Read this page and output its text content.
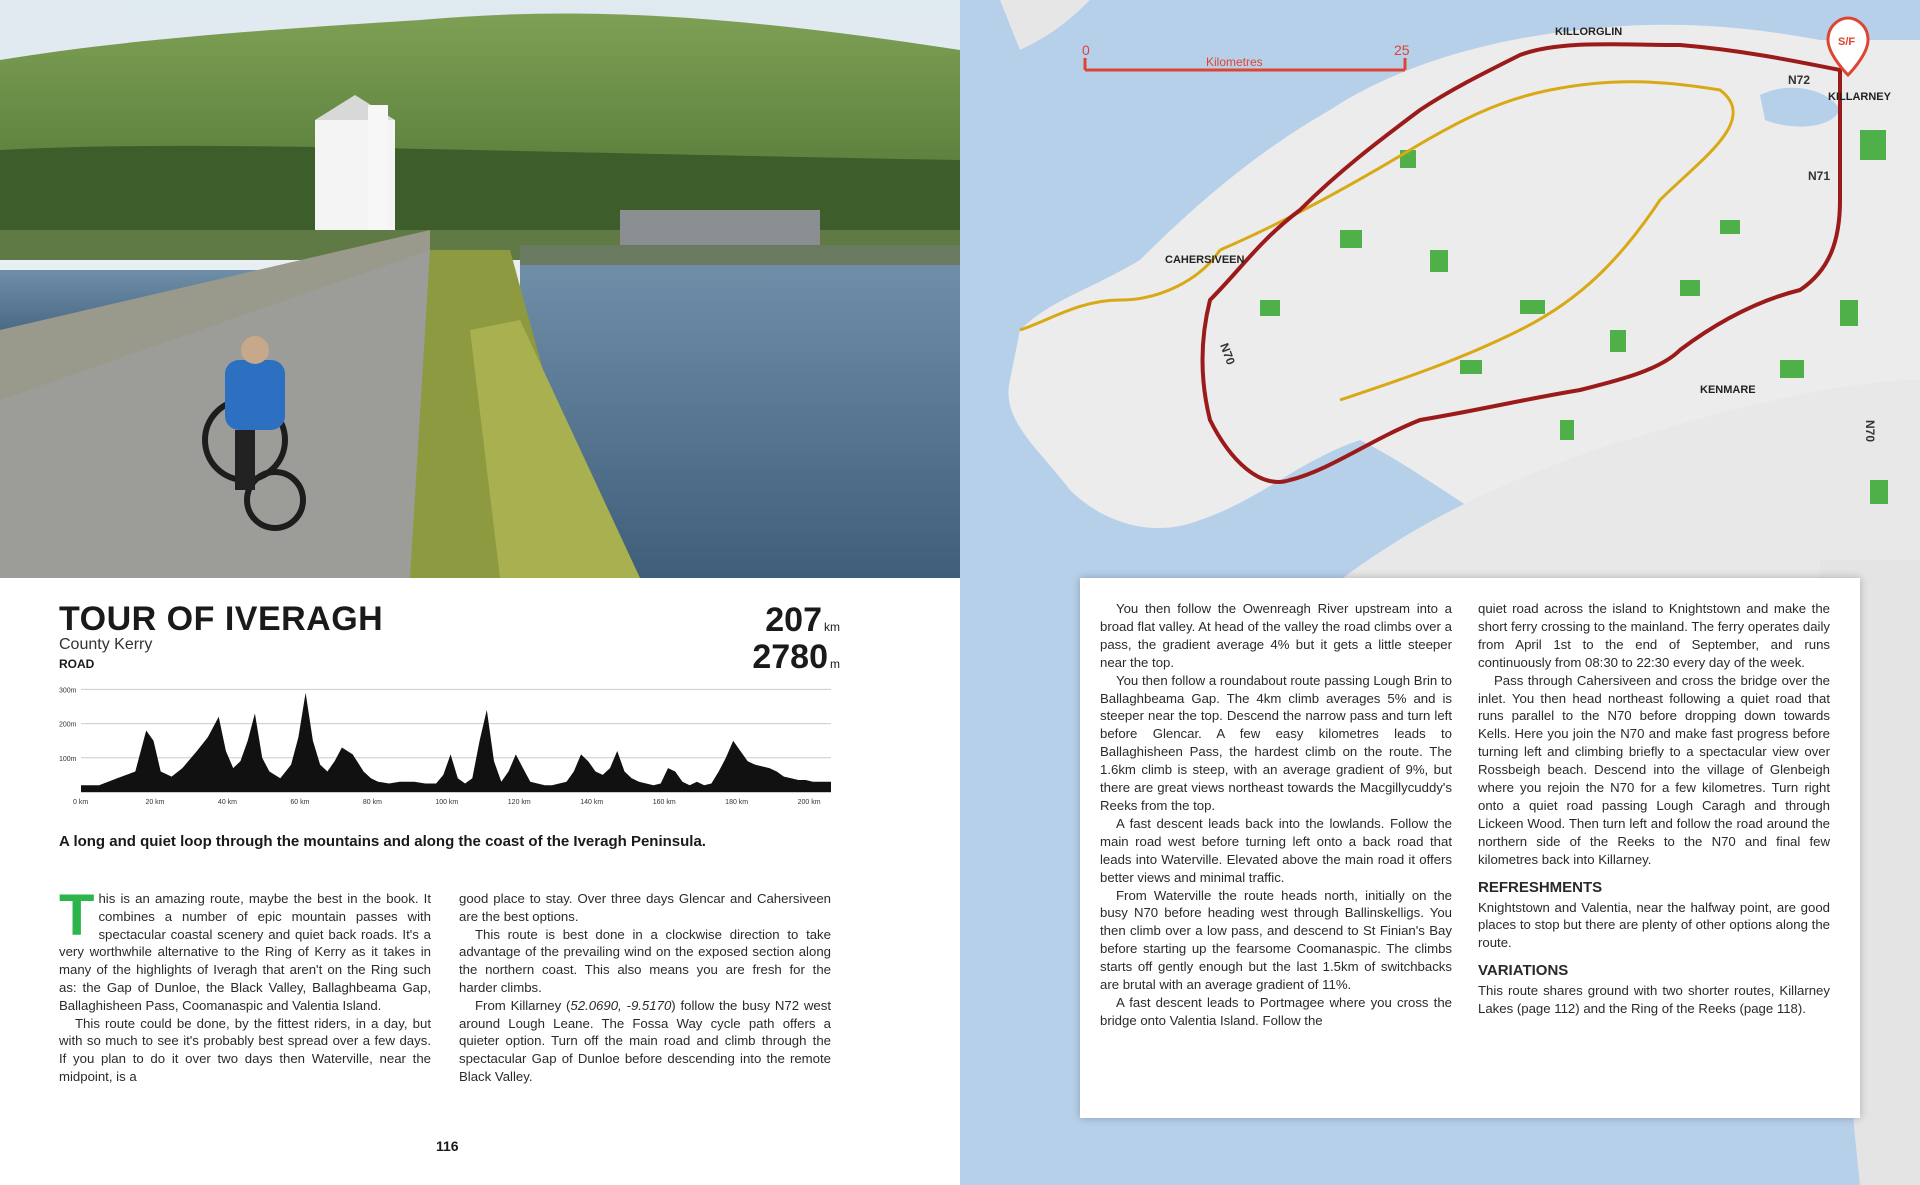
TOUR OF IVERAGH
County Kerry
ROAD
207 km
2780 m
300m
200m
100m
0 km	20 km	40 km	60 km	80 km	100 km	120 km	140 km	160 km	180 km	200 km
A long and quiet loop through the mountains and along the coast of the Iveragh Peninsula.

This is an amazing route, maybe the best in the book. It combines a number of epic mountain passes with spectacular coastal scenery and quiet back roads. It's a very worthwhile alternative to the Ring of Kerry as it takes in many of the highlights of Iveragh that aren't on the Ring such as: the Gap of Dunloe, the Black Valley, Ballaghbeama Gap, Ballaghisheen Pass, Coomanaspic and Valentia Island.

This route could be done, by the fittest riders, in a day, but with so much to see it's probably best spread over a few days. If you plan to do it over two days then Waterville, near the midpoint, is a

good place to stay. Over three days Glencar and Cahersiveen are the best options.

This route is best done in a clockwise direction to take advantage of the prevailing wind on the exposed section along the northern coast. This also means you are fresh for the harder climbs.

From Killarney (52.0690, -9.5170) follow the busy N72 west around Lough Leane. The Fossa Way cycle path offers a quieter option. Turn off the main road and climb through the spectacular Gap of Dunloe before descending into the remote Black Valley.

116
0	25
Kilometres
S/F
KILLORGLIN
KILLARNEY
CAHERSIVEEN
KENMARE
N72
N71
N70
N70

You then follow the Owenreagh River upstream into a broad flat valley. At head of the valley the road climbs over a pass, the gradient average 4% but it gets a little steeper near the top.

You then follow a roundabout route passing Lough Brin to Ballaghbeama Gap. The 4km climb averages 5% and is steeper near the top. Descend the narrow pass and turn left before Glencar. A few easy kilometres leads to Ballaghisheen Pass, the hardest climb on the route. The 1.6km climb is steep, with an average gradient of 9%, but there are great views northeast towards the Macgillycuddy's Reeks from the top.

A fast descent leads back into the lowlands. Follow the main road west before turning left onto a back road that leads into Waterville. Elevated above the main road it offers better views and minimal traffic.

From Waterville the route heads north, initially on the busy N70 before heading west through Ballinskelligs. You then climb over a low pass, and descend to St Finian's Bay before starting up the fearsome Coomanaspic. The climbs starts off gently enough but the last 1.5km of switchbacks are brutal with an average gradient of 11%.

A fast descent leads to Portmagee where you cross the bridge onto Valentia Island. Follow the

quiet road across the island to Knightstown and make the short ferry crossing to the mainland. The ferry operates daily from April 1st to the end of September, and runs continuously from 08:30 to 22:30 every day of the week.

Pass through Cahersiveen and cross the bridge over the inlet. You then head northeast following a quiet road that runs parallel to the N70 before dropping down towards Kells. Here you join the N70 and make fast progress before turning left and climbing briefly to a spectacular view over Rossbeigh beach. Descend into the village of Glenbeigh where you rejoin the N70 for a few kilometres. Turn right onto a quiet road passing Lough Caragh and through Lickeen Wood. Then turn left and follow the road around the northern side of the Reeks to the N70 and final few kilometres back into Killarney.

REFRESHMENTS

Knightstown and Valentia, near the halfway point, are good places to stop but there are plenty of other options along the route.

VARIATIONS

This route shares ground with two shorter routes, Killarney Lakes (page 112) and the Ring of the Reeks (page 118).
